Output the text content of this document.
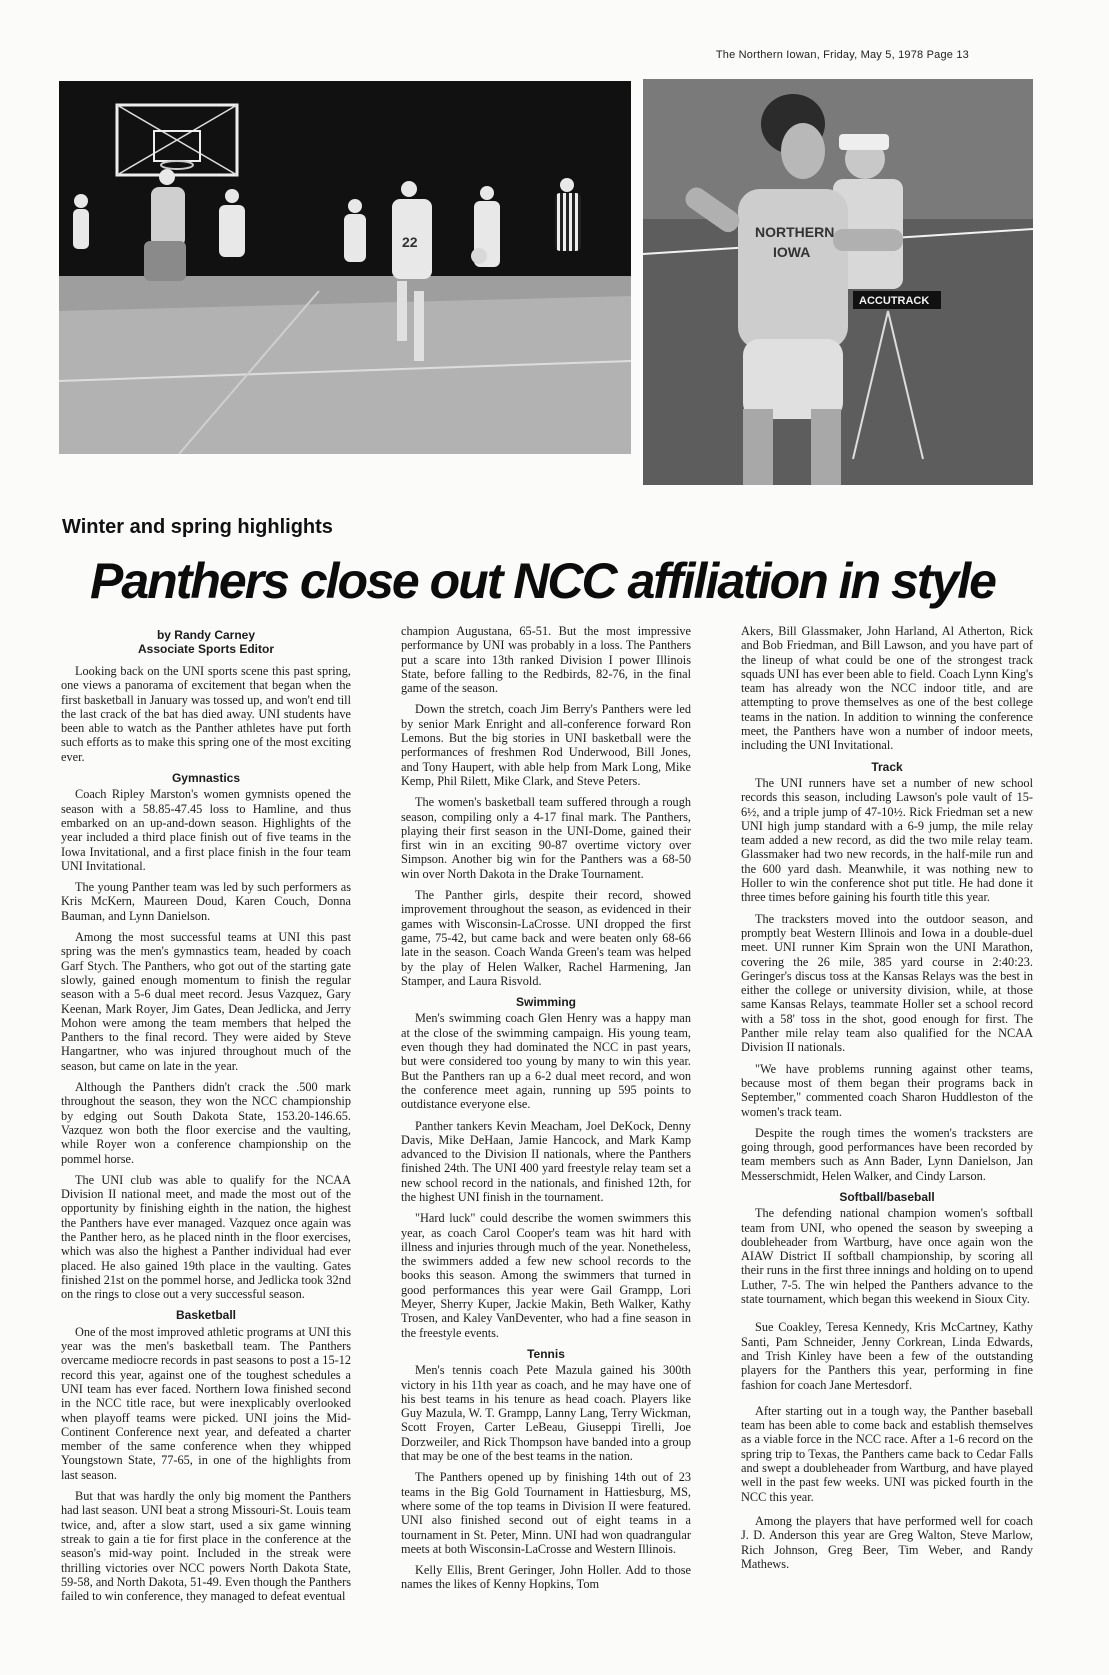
The Northern Iowan, Friday, May 5, 1978 Page 13
22
NORTHERN
IOWA
ACCUTRACK
Winter and spring highlights
Panthers close out NCC affiliation in style
by Randy Carney
Associate Sports Editor

Looking back on the UNI sports scene this past spring, one views a panorama of excitement that began when the first basketball in January was tossed up, and won't end till the last crack of the bat has died away. UNI students have been able to watch as the Panther athletes have put forth such efforts as to make this spring one of the most exciting ever.

Gymnastics

Coach Ripley Marston's women gymnists opened the season with a 58.85-47.45 loss to Hamline, and thus embarked on an up-and-down season. Highlights of the year included a third place finish out of five teams in the Iowa Invitational, and a first place finish in the four team UNI Invitational.

The young Panther team was led by such performers as Kris McKern, Maureen Doud, Karen Couch, Donna Bauman, and Lynn Danielson.

Among the most successful teams at UNI this past spring was the men's gymnastics team, headed by coach Garf Stych. The Panthers, who got out of the starting gate slowly, gained enough momentum to finish the regular season with a 5-6 dual meet record. Jesus Vazquez, Gary Keenan, Mark Royer, Jim Gates, Dean Jedlicka, and Jerry Mohon were among the team members that helped the Panthers to the final record. They were aided by Steve Hangartner, who was injured throughout much of the season, but came on late in the year.

Although the Panthers didn't crack the .500 mark throughout the season, they won the NCC championship by edging out South Dakota State, 153.20-146.65. Vazquez won both the floor exercise and the vaulting, while Royer won a conference championship on the pommel horse.

The UNI club was able to qualify for the NCAA Division II national meet, and made the most out of the opportunity by finishing eighth in the nation, the highest the Panthers have ever managed. Vazquez once again was the Panther hero, as he placed ninth in the floor exercises, which was also the highest a Panther individual had ever placed. He also gained 19th place in the vaulting. Gates finished 21st on the pommel horse, and Jedlicka took 32nd on the rings to close out a very successful season.

Basketball

One of the most improved athletic programs at UNI this year was the men's basketball team. The Panthers overcame mediocre records in past seasons to post a 15-12 record this year, against one of the toughest schedules a UNI team has ever faced. Northern Iowa finished second in the NCC title race, but were inexplicably overlooked when playoff teams were picked. UNI joins the Mid-Continent Conference next year, and defeated a charter member of the same conference when they whipped Youngstown State, 77-65, in one of the highlights from last season.

But that was hardly the only big moment the Panthers had last season. UNI beat a strong Missouri-St. Louis team twice, and, after a slow start, used a six game winning streak to gain a tie for first place in the conference at the season's mid-way point. Included in the streak were thrilling victories over NCC powers North Dakota State, 59-58, and North Dakota, 51-49. Even though the Panthers failed to win conference, they managed to defeat eventual

champion Augustana, 65-51. But the most impressive performance by UNI was probably in a loss. The Panthers put a scare into 13th ranked Division I power Illinois State, before falling to the Redbirds, 82-76, in the final game of the season.

Down the stretch, coach Jim Berry's Panthers were led by senior Mark Enright and all-conference forward Ron Lemons. But the big stories in UNI basketball were the performances of freshmen Rod Underwood, Bill Jones, and Tony Haupert, with able help from Mark Long, Mike Kemp, Phil Rilett, Mike Clark, and Steve Peters.

The women's basketball team suffered through a rough season, compiling only a 4-17 final mark. The Panthers, playing their first season in the UNI-Dome, gained their first win in an exciting 90-87 overtime victory over Simpson. Another big win for the Panthers was a 68-50 win over North Dakota in the Drake Tournament.

The Panther girls, despite their record, showed improvement throughout the season, as evidenced in their games with Wisconsin-LaCrosse. UNI dropped the first game, 75-42, but came back and were beaten only 68-66 late in the season. Coach Wanda Green's team was helped by the play of Helen Walker, Rachel Harmening, Jan Stamper, and Laura Risvold.

Swimming

Men's swimming coach Glen Henry was a happy man at the close of the swimming campaign. His young team, even though they had dominated the NCC in past years, but were considered too young by many to win this year. But the Panthers ran up a 6-2 dual meet record, and won the conference meet again, running up 595 points to outdistance everyone else.

Panther tankers Kevin Meacham, Joel DeKock, Denny Davis, Mike DeHaan, Jamie Hancock, and Mark Kamp advanced to the Division II nationals, where the Panthers finished 24th. The UNI 400 yard freestyle relay team set a new school record in the nationals, and finished 12th, for the highest UNI finish in the tournament.

"Hard luck" could describe the women swimmers this year, as coach Carol Cooper's team was hit hard with illness and injuries through much of the year. Nonetheless, the swimmers added a few new school records to the books this season. Among the swimmers that turned in good performances this year were Gail Grampp, Lori Meyer, Sherry Kuper, Jackie Makin, Beth Walker, Kathy Trosen, and Kaley VanDeventer, who had a fine season in the freestyle events.

Tennis

Men's tennis coach Pete Mazula gained his 300th victory in his 11th year as coach, and he may have one of his best teams in his tenure as head coach. Players like Guy Mazula, W. T. Grampp, Lanny Lang, Terry Wickman, Scott Froyen, Carter LeBeau, Giuseppi Tirelli, Joe Dorzweiler, and Rick Thompson have banded into a group that may be one of the best teams in the nation.

The Panthers opened up by finishing 14th out of 23 teams in the Big Gold Tournament in Hattiesburg, MS, where some of the top teams in Division II were featured. UNI also finished second out of eight teams in a tournament in St. Peter, Minn. UNI had won quadrangular meets at both Wisconsin-LaCrosse and Western Illinois.

Kelly Ellis, Brent Geringer, John Holler. Add to those names the likes of Kenny Hopkins, Tom

Akers, Bill Glassmaker, John Harland, Al Atherton, Rick and Bob Friedman, and Bill Lawson, and you have part of the lineup of what could be one of the strongest track squads UNI has ever been able to field. Coach Lynn King's team has already won the NCC indoor title, and are attempting to prove themselves as one of the best college teams in the nation. In addition to winning the conference meet, the Panthers have won a number of indoor meets, including the UNI Invitational.

Track

The UNI runners have set a number of new school records this season, including Lawson's pole vault of 15-6½, and a triple jump of 47-10½. Rick Friedman set a new UNI high jump standard with a 6-9 jump, the mile relay team added a new record, as did the two mile relay team. Glassmaker had two new records, in the half-mile run and the 600 yard dash. Meanwhile, it was nothing new to Holler to win the conference shot put title. He had done it three times before gaining his fourth title this year.

The tracksters moved into the outdoor season, and promptly beat Western Illinois and Iowa in a double-duel meet. UNI runner Kim Sprain won the UNI Marathon, covering the 26 mile, 385 yard course in 2:40:23. Geringer's discus toss at the Kansas Relays was the best in either the college or university division, while, at those same Kansas Relays, teammate Holler set a school record with a 58' toss in the shot, good enough for first. The Panther mile relay team also qualified for the NCAA Division II nationals.

"We have problems running against other teams, because most of them began their programs back in September," commented coach Sharon Huddleston of the women's track team.

Despite the rough times the women's tracksters are going through, good performances have been recorded by team members such as Ann Bader, Lynn Danielson, Jan Messerschmidt, Helen Walker, and Cindy Larson.

Softball/baseball

The defending national champion women's softball team from UNI, who opened the season by sweeping a doubleheader from Wartburg, have once again won the AIAW District II softball championship, by scoring all their runs in the first three innings and holding on to upend Luther, 7-5. The win helped the Panthers advance to the state tournament, which began this weekend in Sioux City.

Sue Coakley, Teresa Kennedy, Kris McCartney, Kathy Santi, Pam Schneider, Jenny Corkrean, Linda Edwards, and Trish Kinley have been a few of the outstanding players for the Panthers this year, performing in fine fashion for coach Jane Mertesdorf.

After starting out in a tough way, the Panther baseball team has been able to come back and establish themselves as a viable force in the NCC race. After a 1-6 record on the spring trip to Texas, the Panthers came back to Cedar Falls and swept a doubleheader from Wartburg, and have played well in the past few weeks. UNI was picked fourth in the NCC this year.

Among the players that have performed well for coach J. D. Anderson this year are Greg Walton, Steve Marlow, Rich Johnson, Greg Beer, Tim Weber, and Randy Mathews.
